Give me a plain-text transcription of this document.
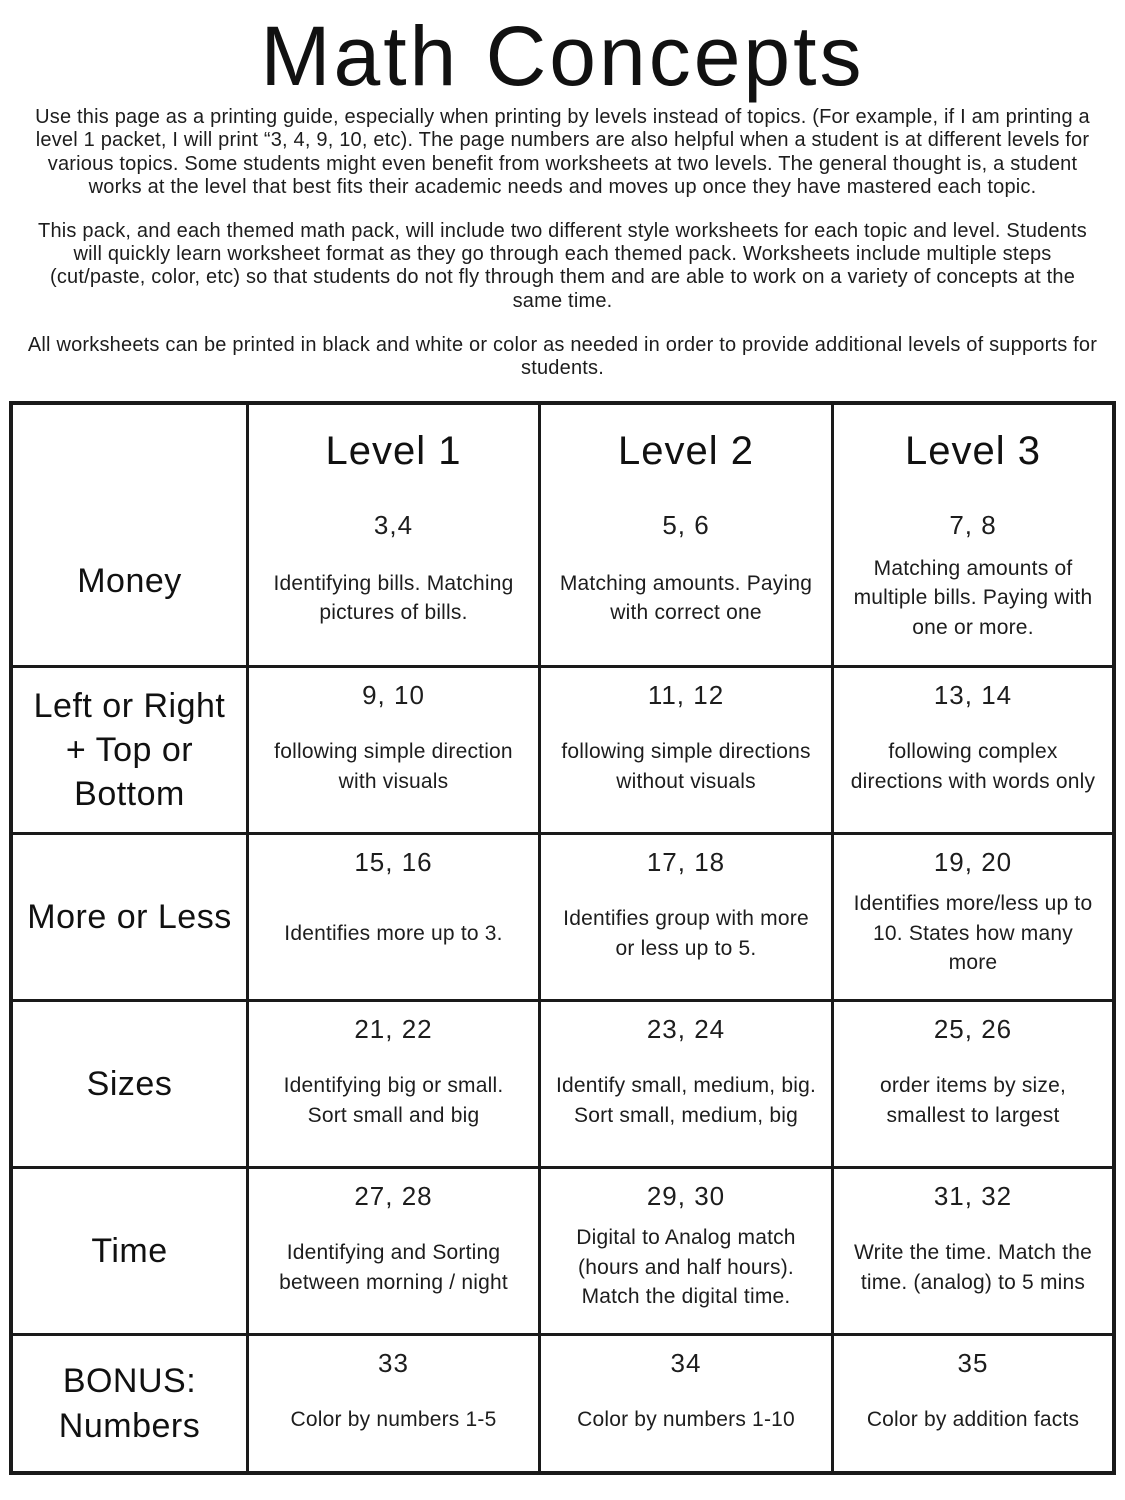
Math Concepts

Use this page as a printing guide, especially when printing by levels instead of topics. (For example, if I am printing a level 1 packet, I will print “3, 4, 9, 10, etc). The page numbers are also helpful when a student is at different levels for various topics. Some students might even benefit from worksheets at two levels. The general thought is, a student works at the level that best fits their academic needs and moves up once they have mastered each topic.

This pack, and each themed math pack, will include two different style worksheets for each topic and level. Students will quickly learn worksheet format as they go through each themed pack. Worksheets include multiple steps (cut/paste, color, etc) so that students do not fly through them and are able to work on a variety of concepts at the same time.

All worksheets can be printed in black and white or color as needed in order to provide additional levels of supports for students.

Level 1	Level 2	Level 3
Money
3,4
Identifying bills. Matching pictures of bills.
5, 6
Matching amounts. Paying with correct one
7, 8
Matching amounts of multiple bills. Paying with one or more.
Left or Right + Top or Bottom
9, 10
following simple direction with visuals
11, 12
following simple directions without visuals
13, 14
following complex directions with words only
More or Less
15, 16
Identifies more up to 3.
17, 18
Identifies group with more or less up to 5.
19, 20
Identifies more/less up to 10. States how many more
Sizes
21, 22
Identifying big or small. Sort small and big
23, 24
Identify small, medium, big. Sort small, medium, big
25, 26
order items by size, smallest to largest
Time
27, 28
Identifying and Sorting between morning / night
29, 30
Digital to Analog match (hours and half hours). Match the digital time.
31, 32
Write the time. Match the time. (analog) to 5 mins
BONUS: Numbers
33
Color by numbers 1-5
34
Color by numbers 1-10
35
Color by addition facts
